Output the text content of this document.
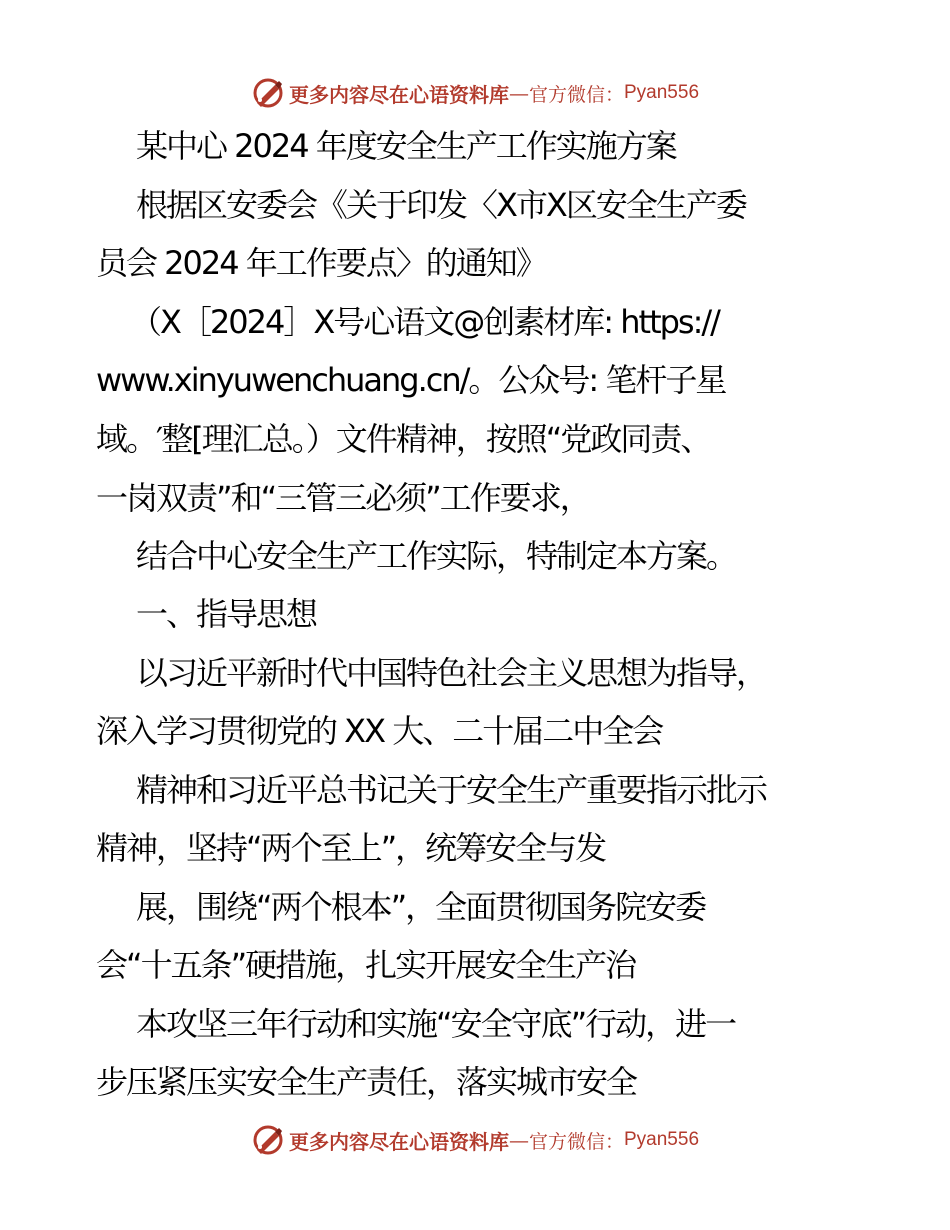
更多内容尽在心语资料库 — 官方微信： Pyan556
某中心 2024 年度安全生产工作实施方案
根据区安委会《关于印发〈X市X区安全生产委
员会 2024 年工作要点〉的通知》
（X［2024］X号心语文@创素材库: https://
www.xinyuwenchuang.cn/。公众号: 笔杆子星
域。′整[理汇总。）文件精神，按照“党政同责、
一岗双责”和“三管三必须”工作要求，
结合中心安全生产工作实际，特制定本方案。
一、指导思想
以习近平新时代中国特色社会主义思想为指导，
深入学习贯彻党的 XX 大、二十届二中全会
精神和习近平总书记关于安全生产重要指示批示
精神，坚持“两个至上”，统筹安全与发
展，围绕“两个根本”，全面贯彻国务院安委
会“十五条”硬措施，扎实开展安全生产治
本攻坚三年行动和实施“安全守底”行动，进一
步压紧压实安全生产责任，落实城市安全
更多内容尽在心语资料库 — 官方微信： Pyan556
